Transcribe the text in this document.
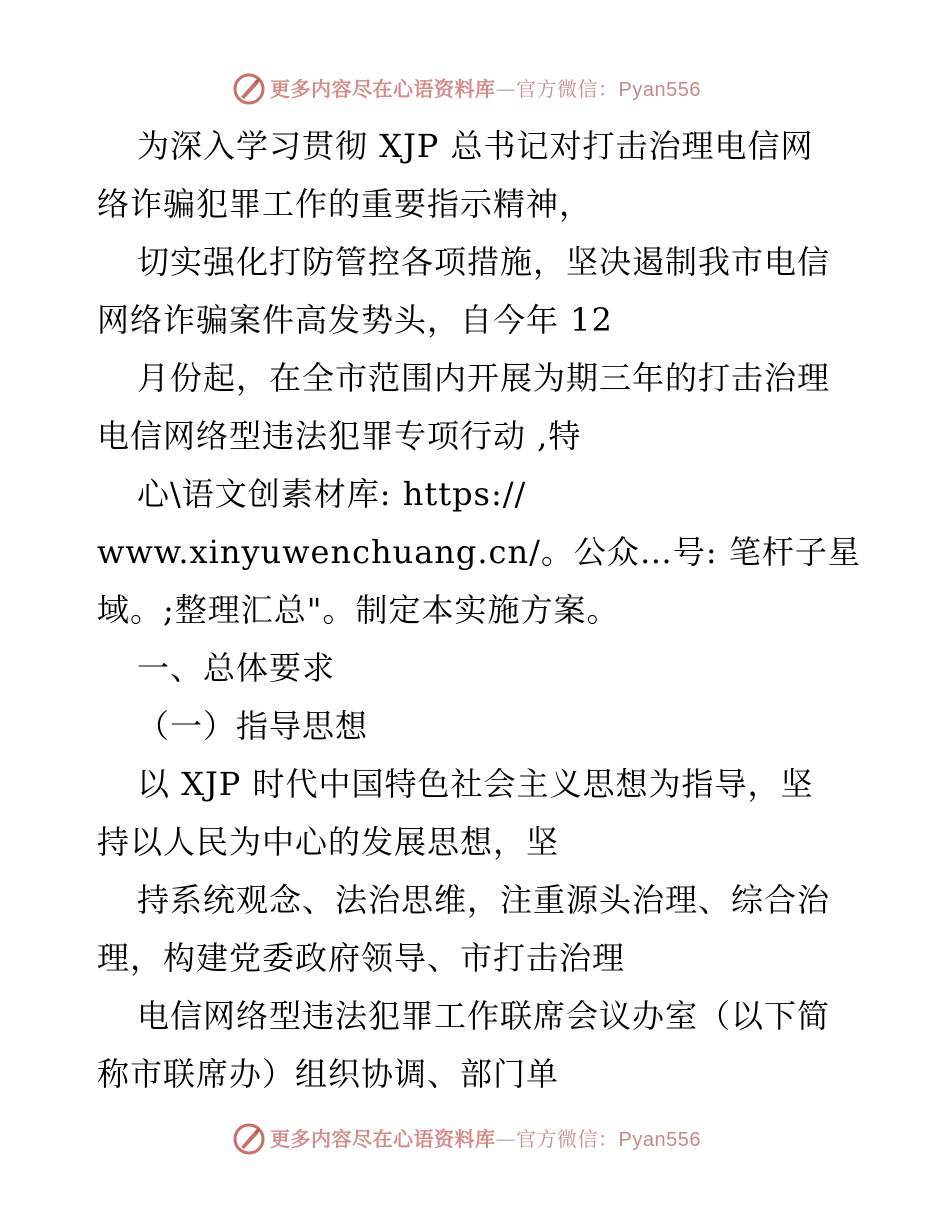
更多内容尽在心语资料库—官方微信：Pyan556
为深入学习贯彻 XJP 总书记对打击治理电信网
络诈骗犯罪工作的重要指示精神，
切实强化打防管控各项措施，坚决遏制我市电信
网络诈骗案件高发势头，自今年 12
月份起，在全市范围内开展为期三年的打击治理
电信网络型违法犯罪专项行动 ,特
心\语文创素材库: https://
www.xinyuwenchuang.cn/。公众…号: 笔杆子星
域。;整理汇总"。制定本实施方案。
一、总体要求
（一）指导思想
以 XJP 时代中国特色社会主义思想为指导，坚
持以人民为中心的发展思想，坚
持系统观念、法治思维，注重源头治理、综合治
理，构建党委政府领导、市打击治理
电信网络型违法犯罪工作联席会议办室（以下简
称市联席办）组织协调、部门单
更多内容尽在心语资料库—官方微信：Pyan556
